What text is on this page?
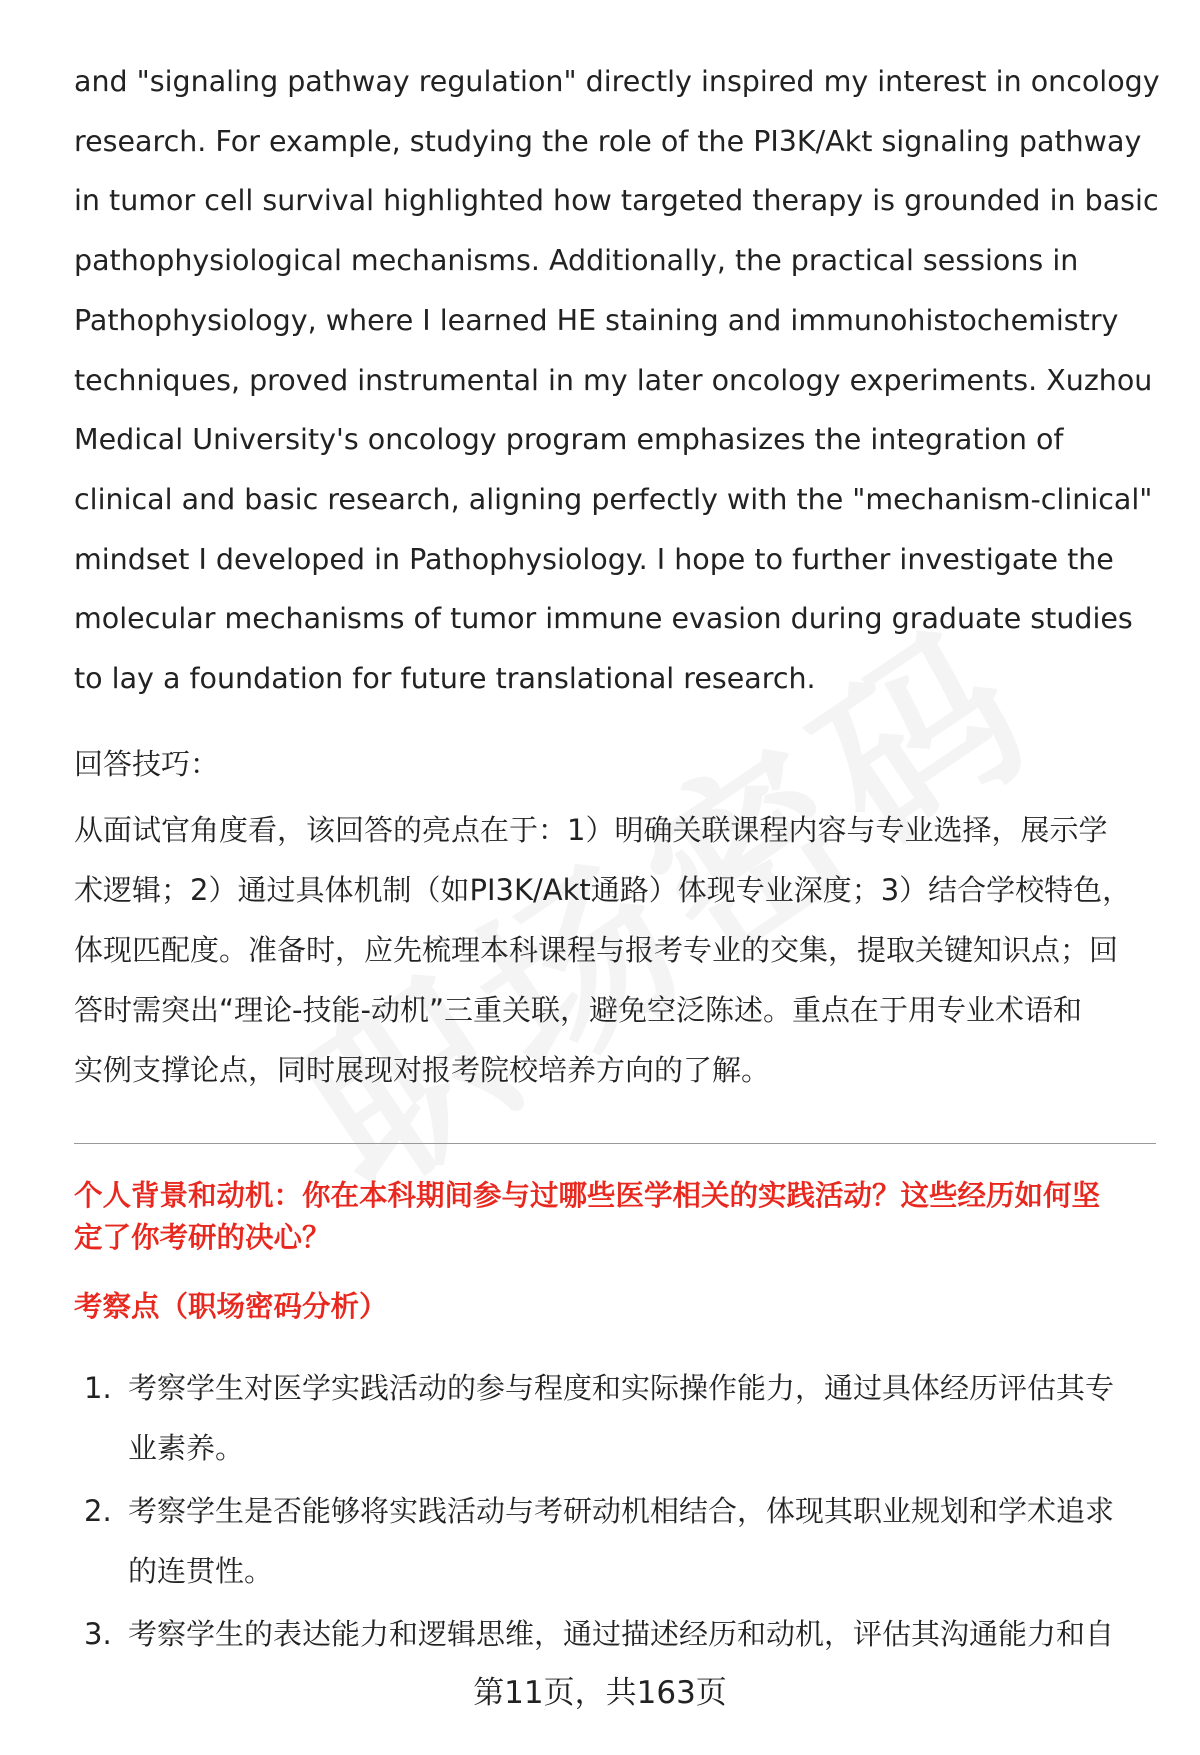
and "signaling pathway regulation" directly inspired my interest in oncology
research. For example, studying the role of the PI3K/Akt signaling pathway
in tumor cell survival highlighted how targeted therapy is grounded in basic
pathophysiological mechanisms. Additionally, the practical sessions in
Pathophysiology, where I learned HE staining and immunohistochemistry
techniques, proved instrumental in my later oncology experiments. Xuzhou
Medical University's oncology program emphasizes the integration of
clinical and basic research, aligning perfectly with the "mechanism-clinical"
mindset I developed in Pathophysiology. I hope to further investigate the
molecular mechanisms of tumor immune evasion during graduate studies
to lay a foundation for future translational research.

回答技巧：

从面试官角度看，该回答的亮点在于：1）明确关联课程内容与专业选择，展示学
术逻辑；2）通过具体机制（如PI3K/Akt通路）体现专业深度；3）结合学校特色，
体现匹配度。准备时，应先梳理本科课程与报考专业的交集，提取关键知识点；回
答时需突出“理论-技能-动机”三重关联，避免空泛陈述。重点在于用专业术语和
实例支撑论点，同时展现对报考院校培养方向的了解。

个人背景和动机：你在本科期间参与过哪些医学相关的实践活动？这些经历如何坚
定了你考研的决心？
考察点（职场密码分析）
1. 考察学生对医学实践活动的参与程度和实际操作能力，通过具体经历评估其专
业素养。
2. 考察学生是否能够将实践活动与考研动机相结合，体现其职业规划和学术追求
的连贯性。
3. 考察学生的表达能力和逻辑思维，通过描述经历和动机，评估其沟通能力和自
第11页，共163页
